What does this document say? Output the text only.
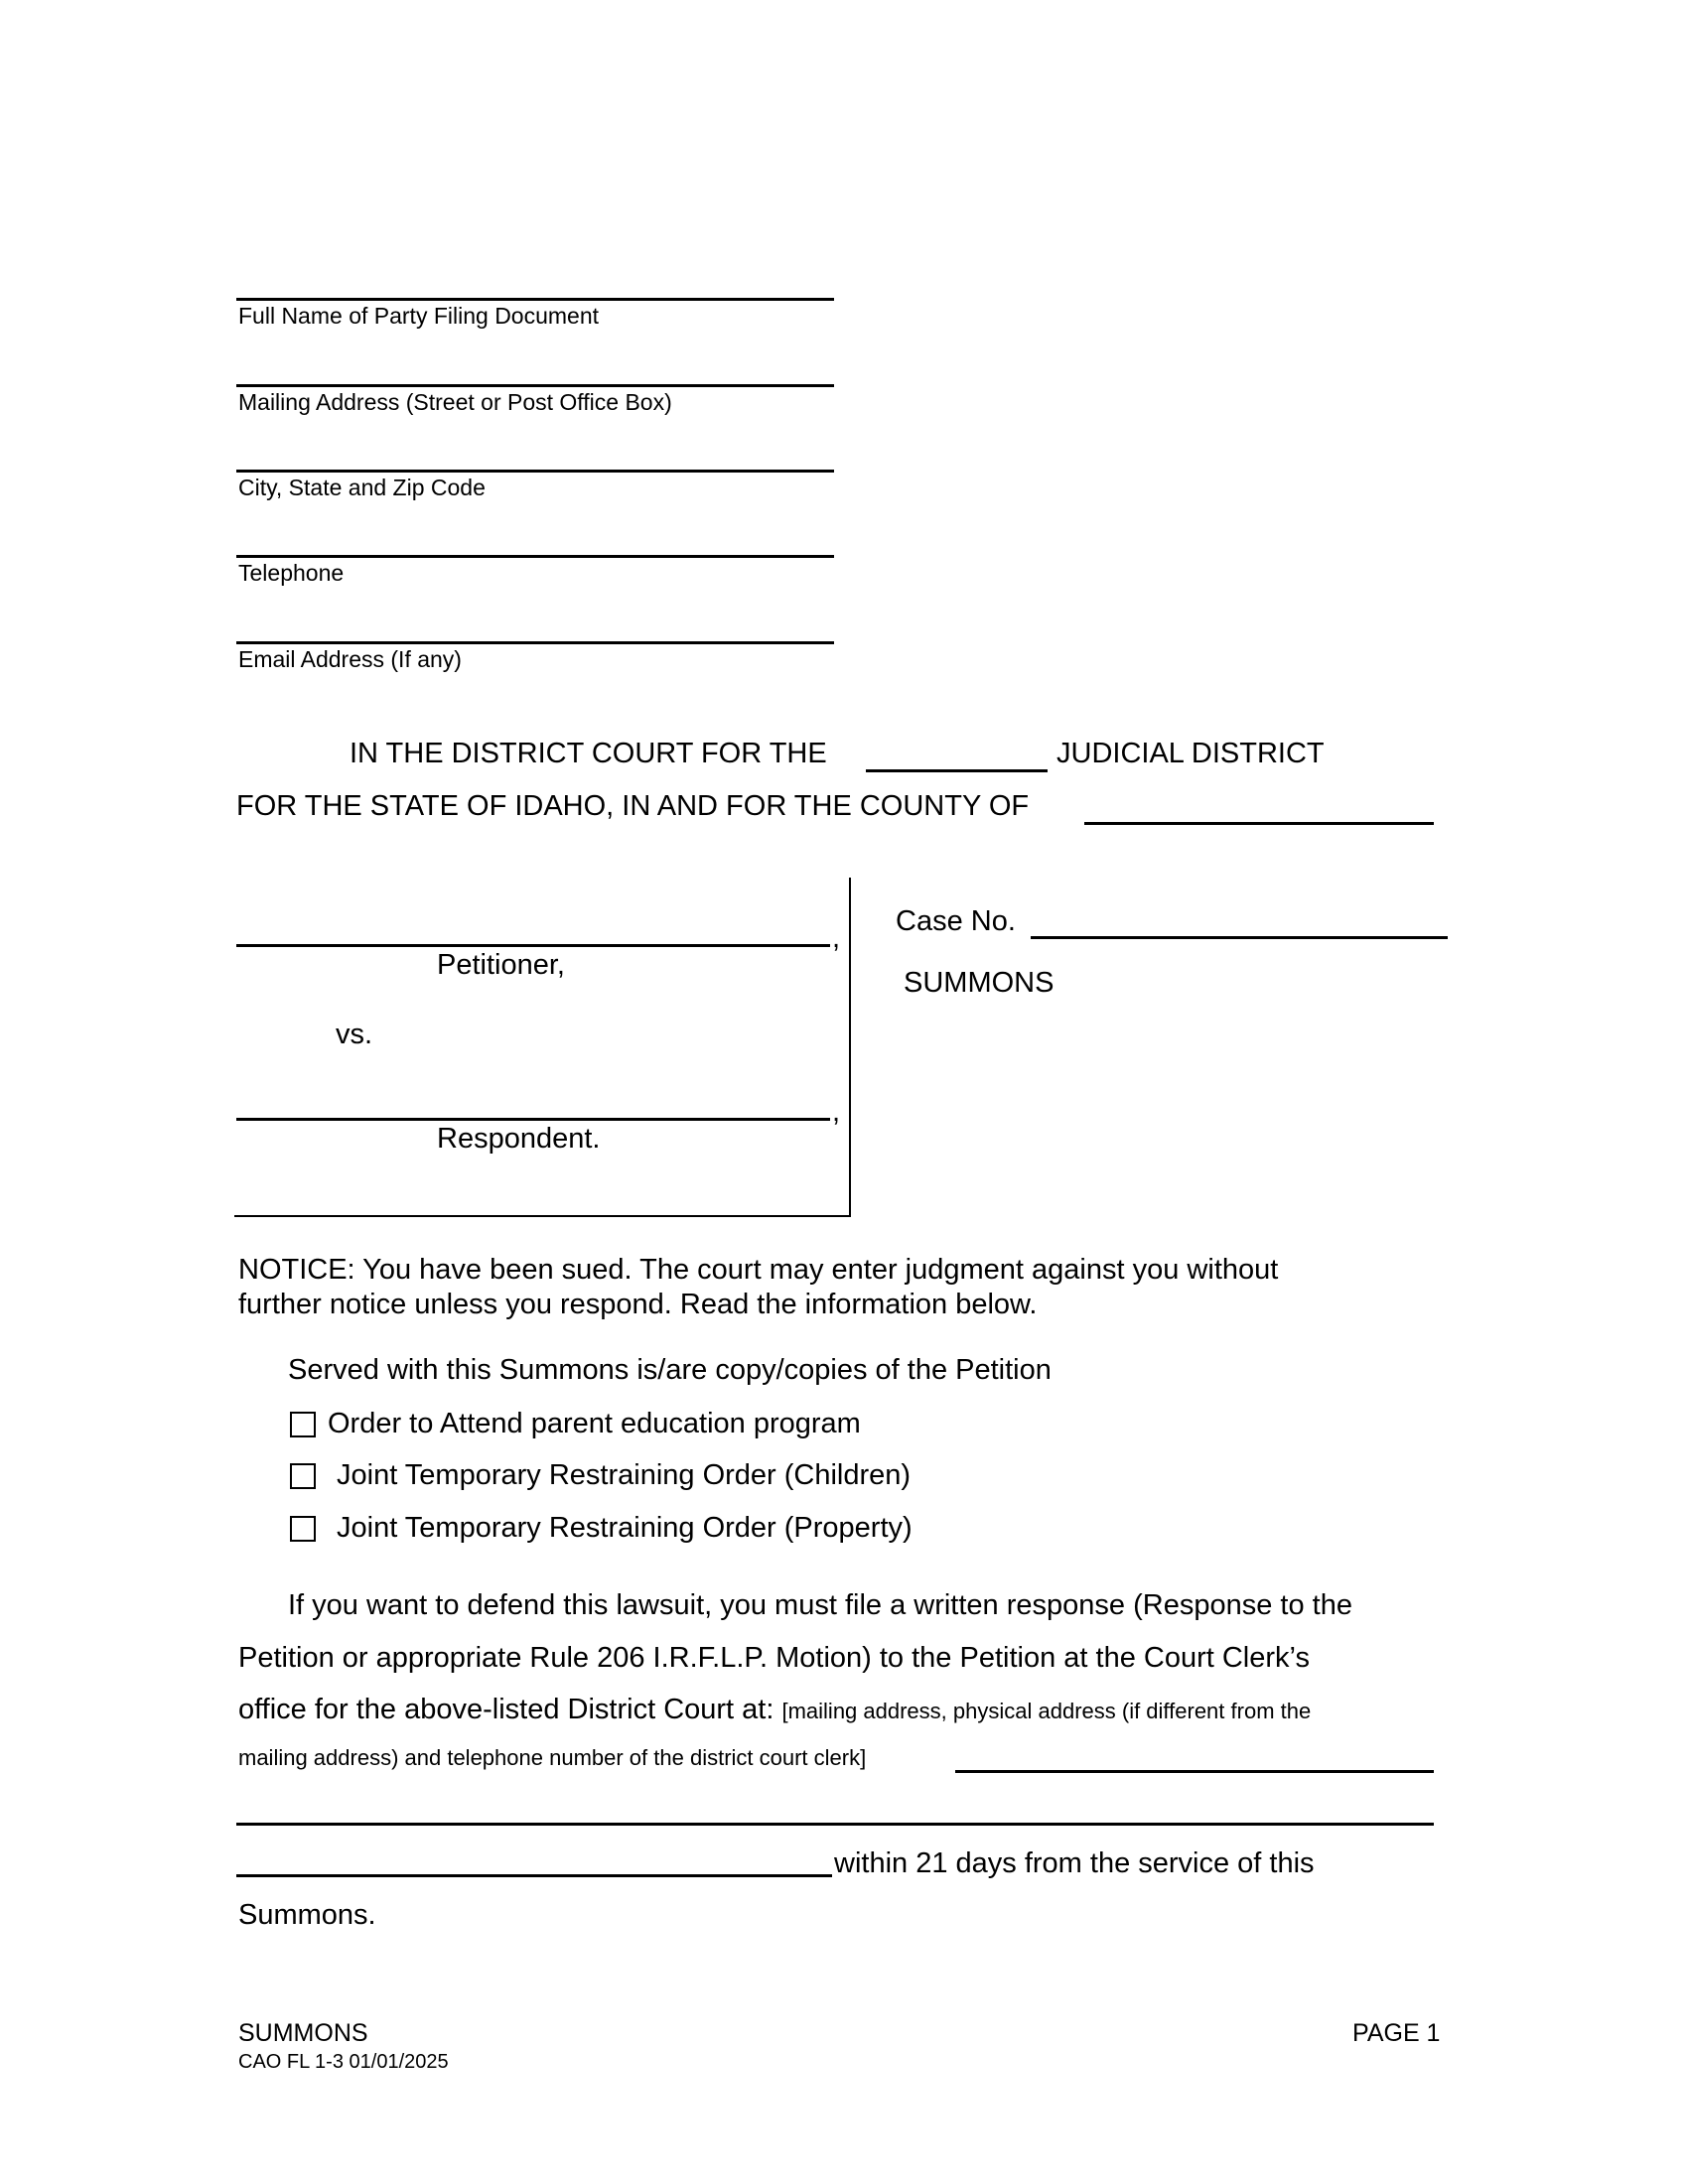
Full Name of Party Filing Document
Mailing Address (Street or Post Office Box)
City, State and Zip Code
Telephone
Email Address (If any)
IN THE DISTRICT COURT FOR THE	JUDICIAL DISTRICT
FOR THE STATE OF IDAHO, IN AND FOR THE COUNTY OF
,
Petitioner,
vs.
,
Respondent.
Case No.
SUMMONS
NOTICE: You have been sued. The court may enter judgment against you without
further notice unless you respond. Read the information below.
Served with this Summons is/are copy/copies of the Petition
Order to Attend parent education program
Joint Temporary Restraining Order (Children)
Joint Temporary Restraining Order (Property)
If you want to defend this lawsuit, you must file a written response (Response to the
Petition or appropriate Rule 206 I.R.F.L.P. Motion) to the Petition at the Court Clerk’s
office for the above-listed District Court at: [mailing address, physical address (if different from the
mailing address) and telephone number of the district court clerk]
within 21 days from the service of this
Summons.
SUMMONS
CAO FL 1-3 01/01/2025
PAGE 1
